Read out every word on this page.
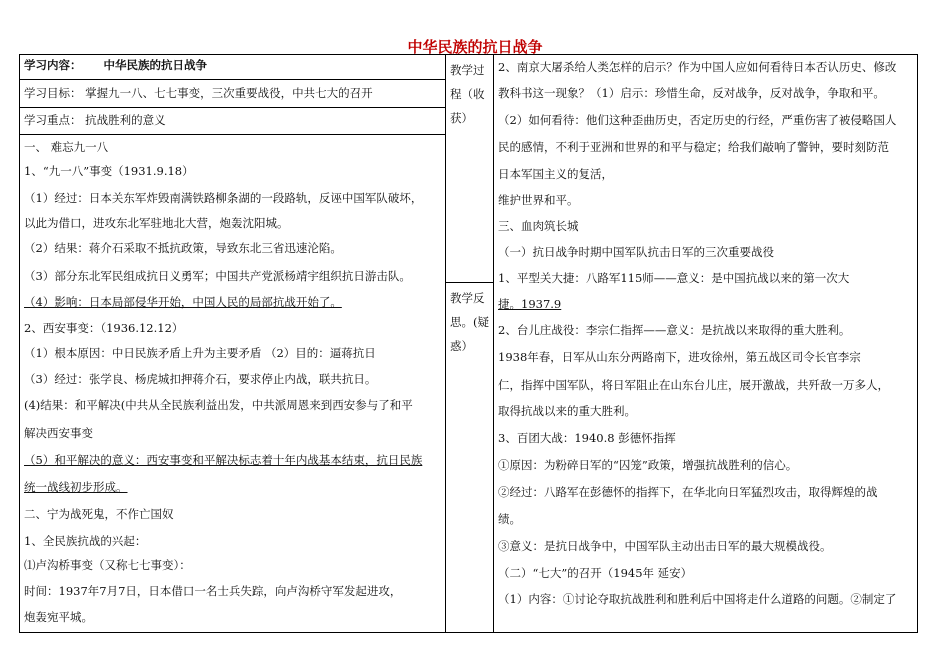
中华民族的抗日战争
学习内容： 中华民族的抗日战争
学习目标： 掌握九一八、七七事变，三次重要战役，中共七大的召开
学习重点： 抗战胜利的意义
教学过
程（收
获）
教学反
思。(疑
惑）
一、 难忘九一八
1、“九一八”事变（1931.9.18）
（1）经过：日本关东军炸毁南满铁路柳条湖的一段路轨，反诬中国军队破坏，
以此为借口，进攻东北军驻地北大营，炮轰沈阳城。
（2）结果：蒋介石采取不抵抗政策，导致东北三省迅速沦陷。
（3）部分东北军民组成抗日义勇军；中国共产党派杨靖宇组织抗日游击队。
（4）影响：日本局部侵华开始，中国人民的局部抗战开始了。
2、西安事变：（1936.12.12）
（1）根本原因：中日民族矛盾上升为主要矛盾 （2）目的：逼蒋抗日
（3）经过：张学良、杨虎城扣押蒋介石，要求停止内战，联共抗日。
(4)结果：和平解决(中共从全民族利益出发，中共派周恩来到西安参与了和平
解决西安事变
（5）和平解决的意义：西安事变和平解决标志着十年内战基本结束，抗日民族
统一战线初步形成。
二、宁为战死鬼，不作亡国奴
1、全民族抗战的兴起：
⑴卢沟桥事变（又称七七事变）：
时间：1937年7月7日，日本借口一名士兵失踪，向卢沟桥守军发起进攻，
炮轰宛平城。
2、南京大屠杀给人类怎样的启示？作为中国人应如何看待日本否认历史、修改
教科书这一现象？（1）启示：珍惜生命，反对战争，反对战争，争取和平。
（2）如何看待：他们这种歪曲历史，否定历史的行经，严重伤害了被侵略国人
民的感情，不利于亚洲和世界的和平与稳定；给我们敲响了警钟，要时刻防范
日本军国主义的复活，
维护世界和平。
三、血肉筑长城
（一）抗日战争时期中国军队抗击日军的三次重要战役
1、平型关大捷：八路军115师——意义：是中国抗战以来的第一次大
捷。1937.9
2、台儿庄战役：李宗仁指挥——意义：是抗战以来取得的重大胜利。
1938年春，日军从山东分两路南下，进攻徐州，第五战区司令长官李宗
仁，指挥中国军队，将日军阻止在山东台儿庄，展开激战，共歼敌一万多人，
取得抗战以来的重大胜利。
3、百团大战：1940.8 彭德怀指挥
①原因：为粉碎日军的“囚笼”政策，增强抗战胜利的信心。
②经过：八路军在彭德怀的指挥下，在华北向日军猛烈攻击，取得辉煌的战
绩。
③意义：是抗日战争中，中国军队主动出击日军的最大规模战役。
（二）“七大”的召开（1945年 延安）
（1）内容：①讨论夺取抗战胜利和胜利后中国将走什么道路的问题。②制定了
